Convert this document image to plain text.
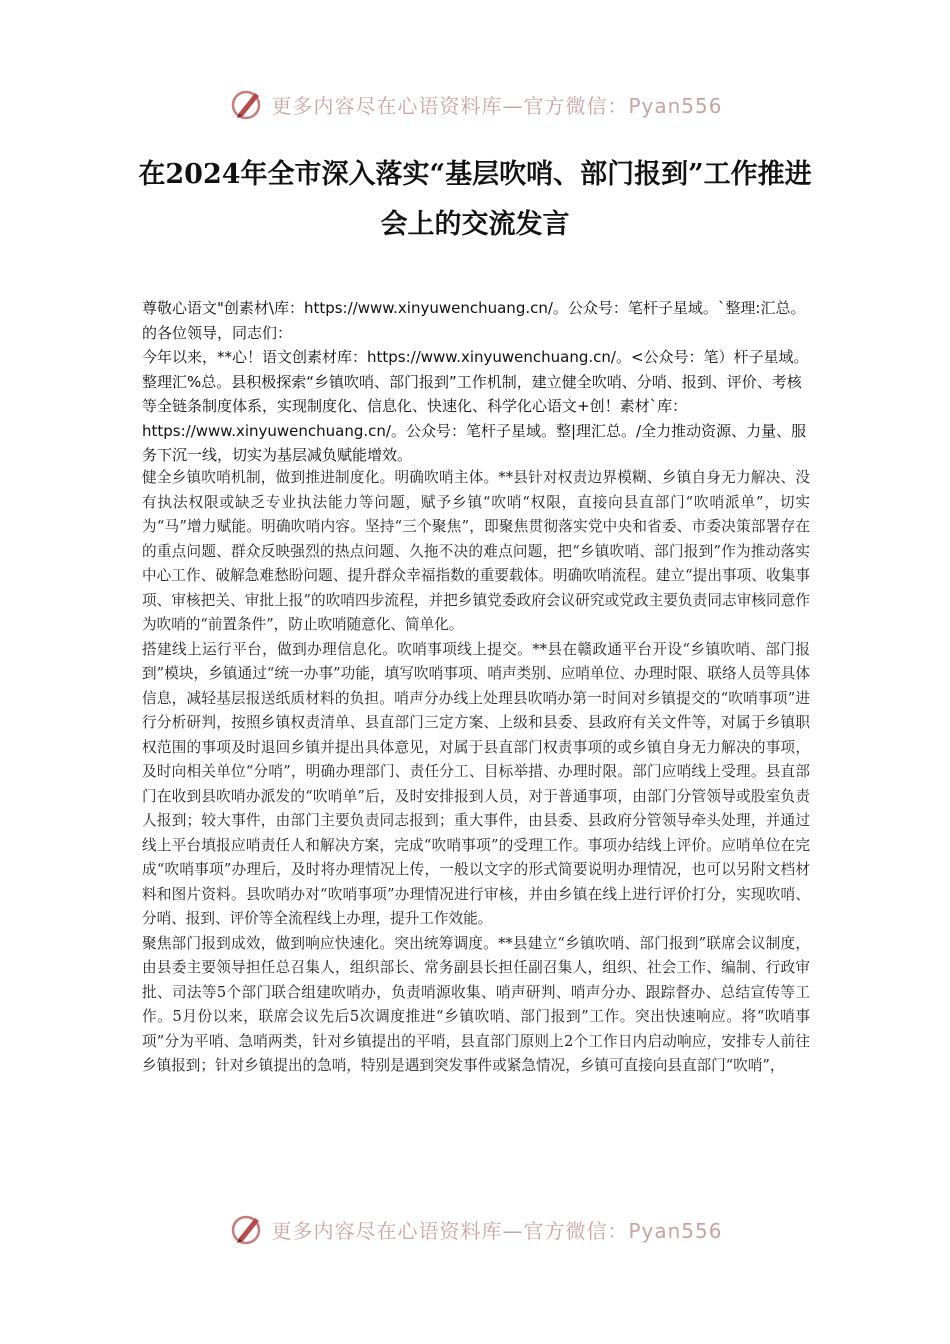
更多内容尽在心语资料库—官方微信：Pyan556
在2024年全市深入落实“基层吹哨、部门报到”工作推进会上的交流发言

尊敬心语文"创素材\库：https://www.xinyuwenchuang.cn/。公众号：笔杆子星域。`整理:汇总。的各位领导，同志们：

今年以来，**心！语文创素材库：https://www.xinyuwenchuang.cn/。<公众号：笔）杆子星域。整理汇%总。县积极探索“乡镇吹哨、部门报到”工作机制，建立健全吹哨、分哨、报到、评价、考核等全链条制度体系，实现制度化、信息化、快速化、科学化心语文+创！素材`库：https://www.xinyuwenchuang.cn/。公众号：笔杆子星域。整|理汇总。/全力推动资源、力量、服务下沉一线，切实为基层减负赋能增效。

健全乡镇吹哨机制，做到推进制度化。明确吹哨主体。**县针对权责边界模糊、乡镇自身无力解决、没有执法权限或缺乏专业执法能力等问题，赋予乡镇“吹哨“权限，直接向县直部门“吹哨派单”，切实为“马”增力赋能。明确吹哨内容。坚持“三个聚焦”，即聚焦贯彻落实党中央和省委、市委决策部署存在的重点问题、群众反映强烈的热点问题、久拖不决的难点问题，把“乡镇吹哨、部门报到”作为推动落实中心工作、破解急难愁盼问题、提升群众幸福指数的重要载体。明确吹哨流程。建立“提出事项、收集事项、审核把关、审批上报”的吹哨四步流程，并把乡镇党委政府会议研究或党政主要负责同志审核同意作为吹哨的“前置条件”，防止吹哨随意化、简单化。

搭建线上运行平台，做到办理信息化。吹哨事项线上提交。**县在赣政通平台开设“乡镇吹哨、部门报到”模块，乡镇通过“统一办事”功能，填写吹哨事项、哨声类别、应哨单位、办理时限、联络人员等具体信息，减轻基层报送纸质材料的负担。哨声分办线上处理县吹哨办第一时间对乡镇提交的“吹哨事项”进行分析研判，按照乡镇权责清单、县直部门三定方案、上级和县委、县政府有关文件等，对属于乡镇职权范围的事项及时退回乡镇并提出具体意见，对属于县直部门权责事项的或乡镇自身无力解决的事项，及时向相关单位“分哨”，明确办理部门、责任分工、目标举措、办理时限。部门应哨线上受理。县直部门在收到县吹哨办派发的“吹哨单”后，及时安排报到人员，对于普通事项，由部门分管领导或股室负责人报到；较大事件，由部门主要负责同志报到；重大事件，由县委、县政府分管领导牵头处理，并通过线上平台填报应哨责任人和解决方案，完成“吹哨事项”的受理工作。事项办结线上评价。应哨单位在完成“吹哨事项”办理后，及时将办理情况上传，一般以文字的形式简要说明办理情况，也可以另附文档材料和图片资料。县吹哨办对“吹哨事项”办理情况进行审核，并由乡镇在线上进行评价打分，实现吹哨、分哨、报到、评价等全流程线上办理，提升工作效能。

聚焦部门报到成效，做到响应快速化。突出统筹调度。**县建立“乡镇吹哨、部门报到”联席会议制度，由县委主要领导担任总召集人，组织部长、常务副县长担任副召集人，组织、社会工作、编制、行政审批、司法等5个部门联合组建吹哨办，负责哨源收集、哨声研判、哨声分办、跟踪督办、总结宣传等工作。5月份以来，联席会议先后5次调度推进“乡镇吹哨、部门报到”工作。突出快速响应。将“吹哨事项”分为平哨、急哨两类，针对乡镇提出的平哨，县直部门原则上2个工作日内启动响应，安排专人前往乡镇报到；针对乡镇提出的急哨，特别是遇到突发事件或紧急情况，乡镇可直接向县直部门“吹哨”，

更多内容尽在心语资料库—官方微信：Pyan556
